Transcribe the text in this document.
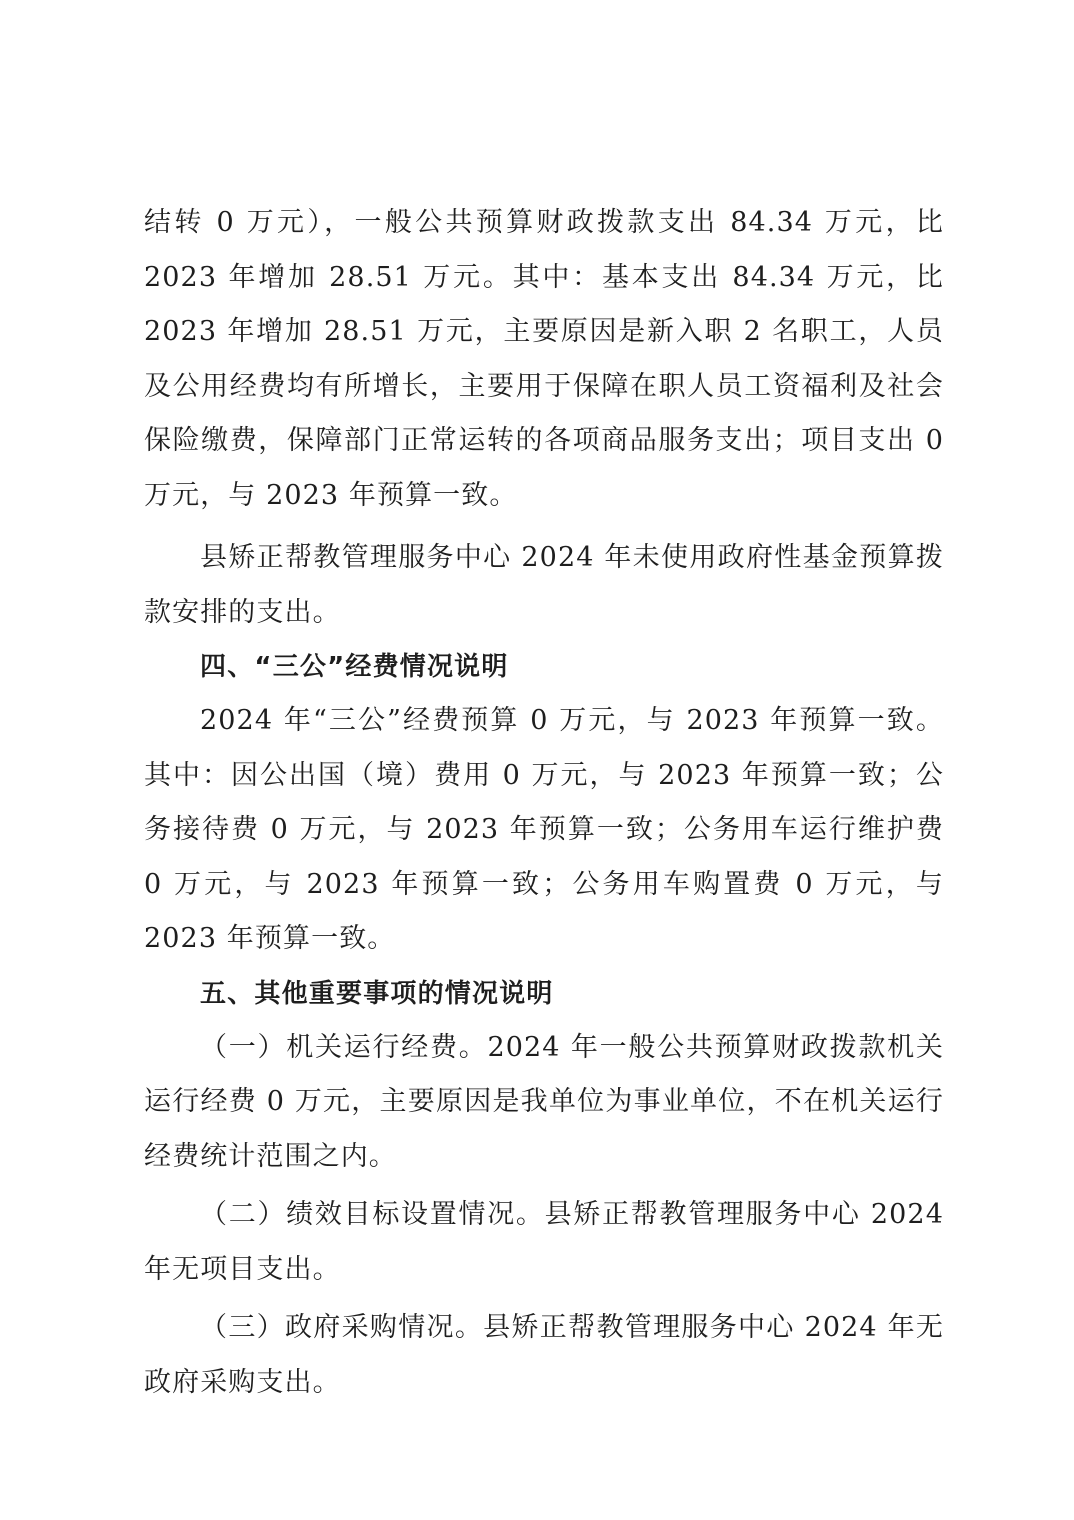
结转 0 万元），一般公共预算财政拨款支出 84.34 万元，比 2023 年增加 28.51 万元。其中：基本支出 84.34 万元，比 2023 年增加 28.51 万元，主要原因是新入职 2 名职工，人员及公用经费均有所增长，主要用于保障在职人员工资福利及社会保险缴费，保障部门正常运转的各项商品服务支出；项目支出 0 万元，与 2023 年预算一致。

县矫正帮教管理服务中心 2024 年未使用政府性基金预算拨款安排的支出。

四、“三公”经费情况说明

2024 年“三公”经费预算 0 万元，与 2023 年预算一致。其中：因公出国（境）费用 0 万元，与 2023 年预算一致；公务接待费 0 万元，与 2023 年预算一致；公务用车运行维护费 0 万元，与 2023 年预算一致；公务用车购置费 0 万元，与 2023 年预算一致。

五、其他重要事项的情况说明

（一）机关运行经费。2024 年一般公共预算财政拨款机关运行经费 0 万元，主要原因是我单位为事业单位，不在机关运行经费统计范围之内。

（二）绩效目标设置情况。县矫正帮教管理服务中心 2024 年无项目支出。

（三）政府采购情况。县矫正帮教管理服务中心 2024 年无政府采购支出。
